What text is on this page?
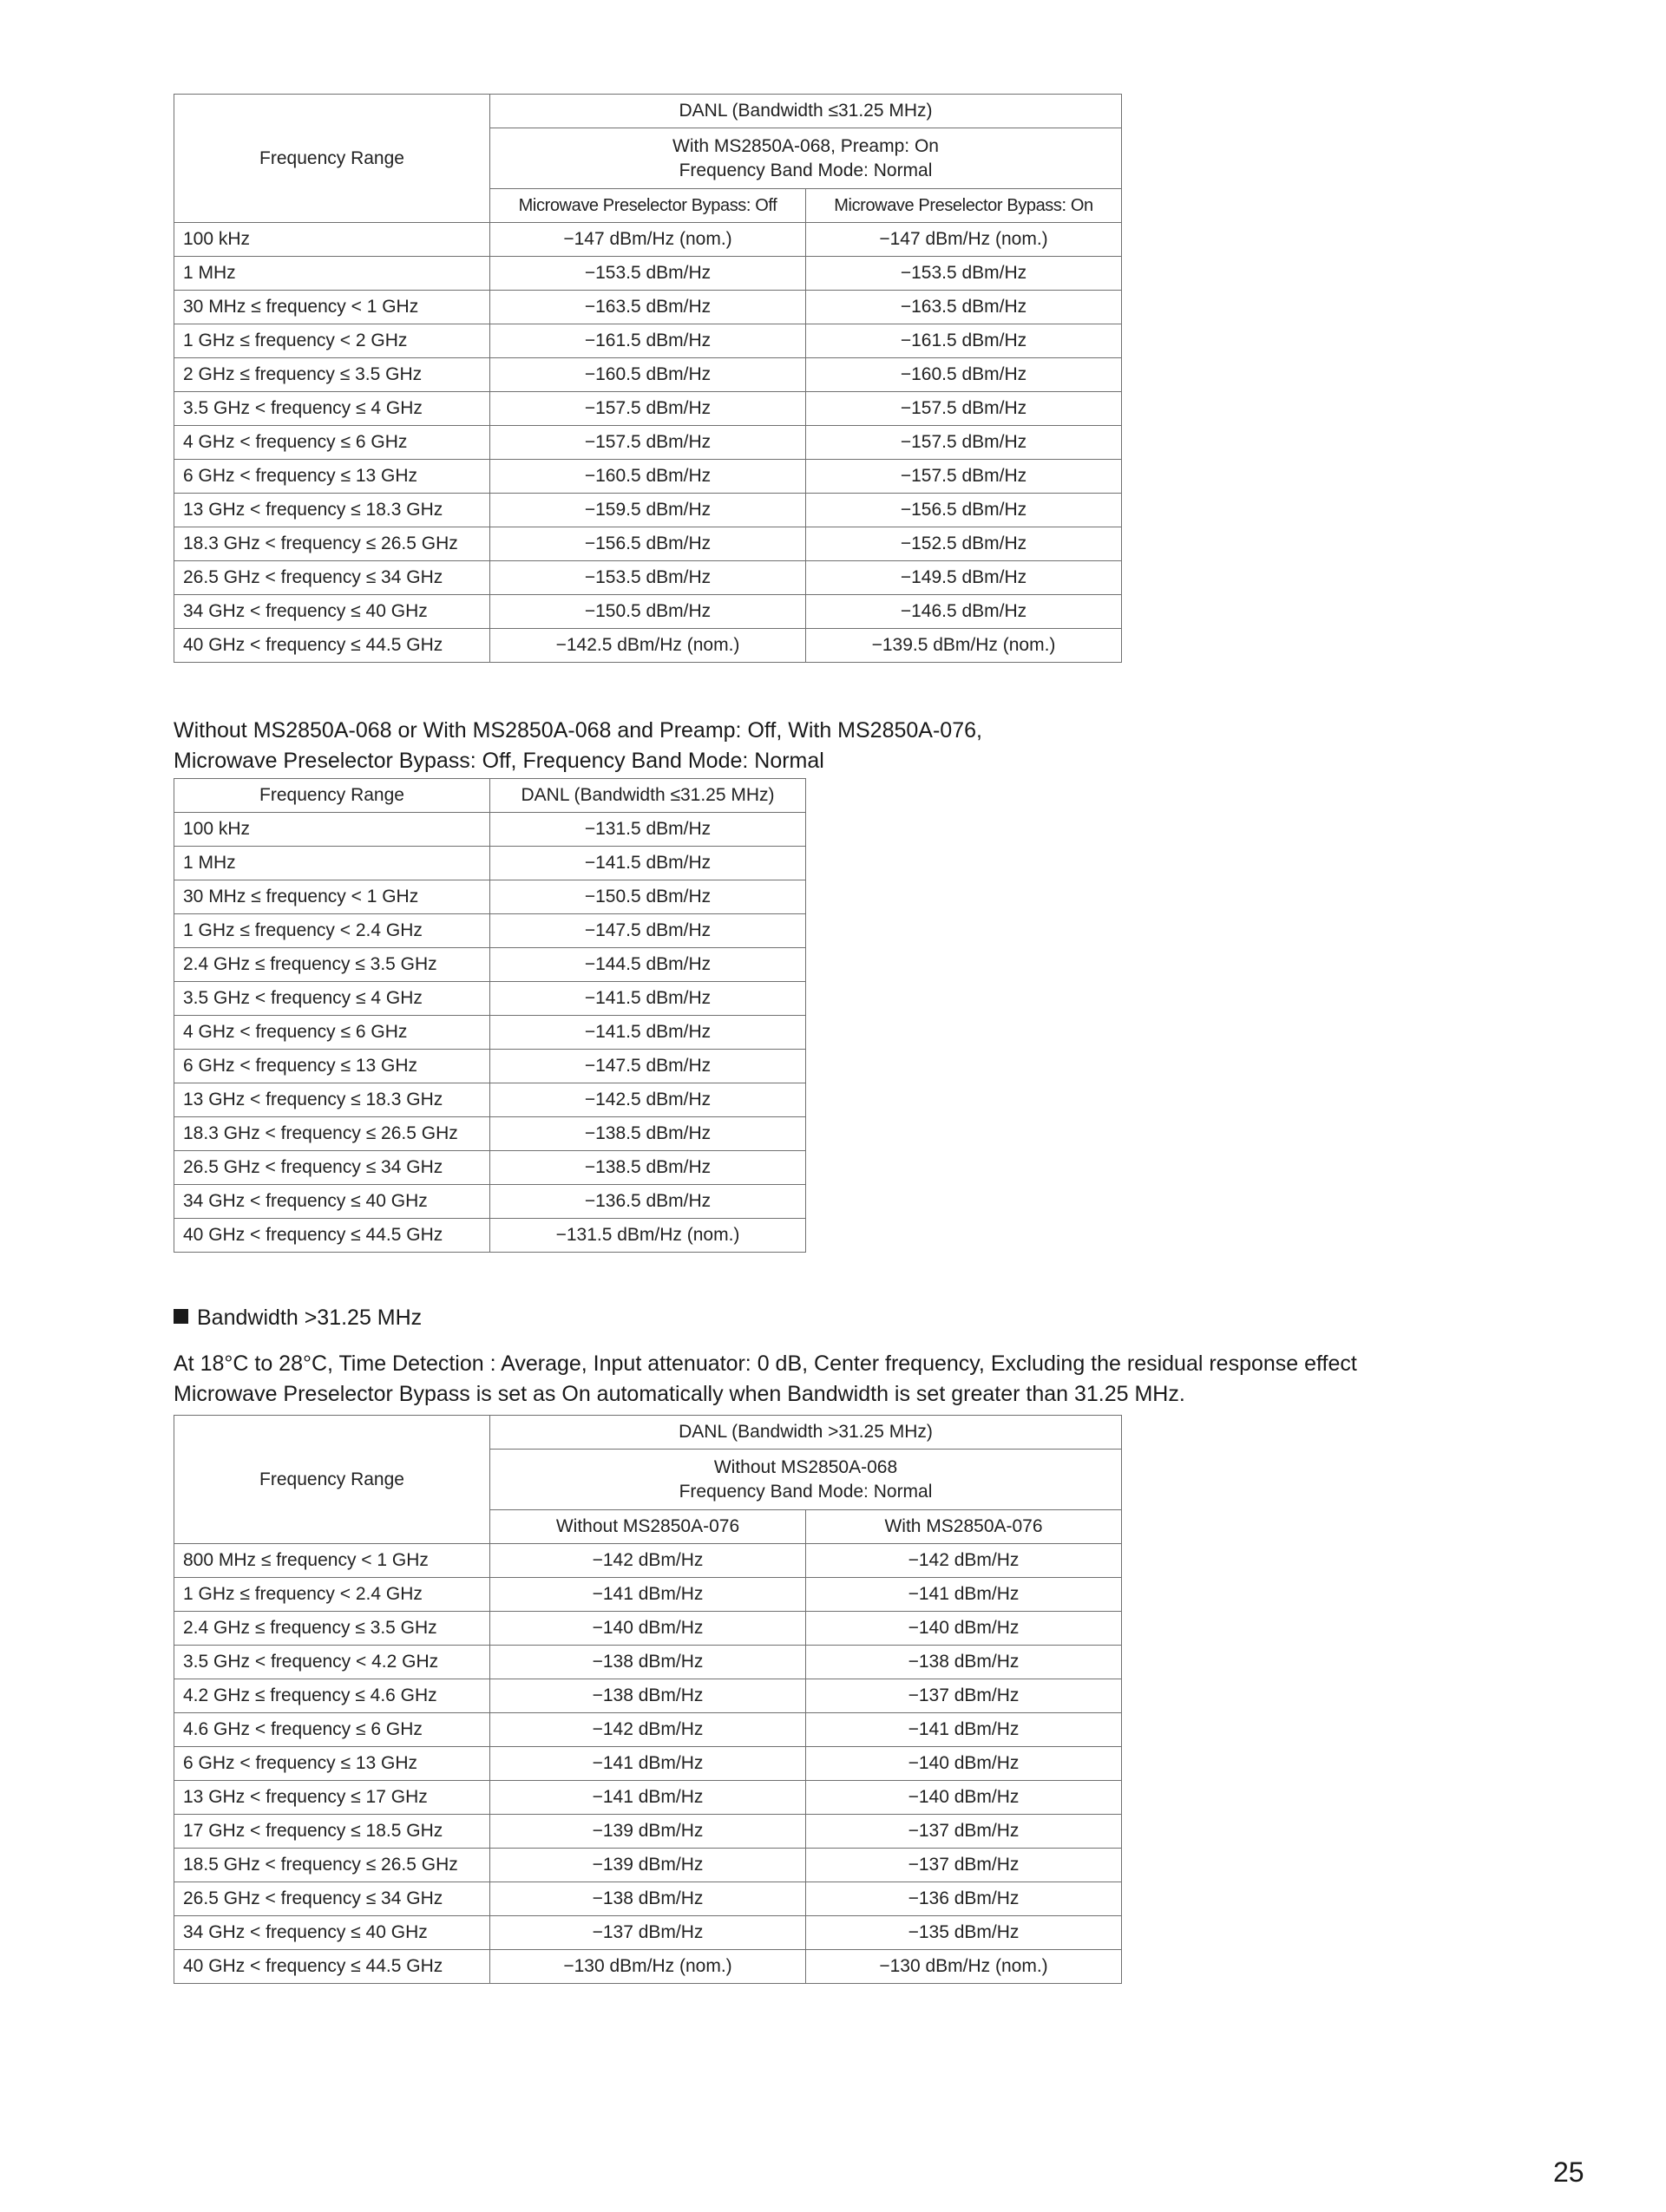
Frequency Range	DANL (Bandwidth ≤31.25 MHz)	

	With MS2850A-068, Preamp: On
Frequency Band Mode: Normal	

	Microwave Preselector Bypass: Off	Microwave Preselector Bypass: On
100 kHz	−147 dBm/Hz (nom.)	−147 dBm/Hz (nom.)
1 MHz	−153.5 dBm/Hz	−153.5 dBm/Hz
30 MHz ≤ frequency < 1 GHz	−163.5 dBm/Hz	−163.5 dBm/Hz
1 GHz ≤ frequency < 2 GHz	−161.5 dBm/Hz	−161.5 dBm/Hz
2 GHz ≤ frequency ≤ 3.5 GHz	−160.5 dBm/Hz	−160.5 dBm/Hz
3.5 GHz < frequency ≤ 4 GHz	−157.5 dBm/Hz	−157.5 dBm/Hz
4 GHz < frequency ≤ 6 GHz	−157.5 dBm/Hz	−157.5 dBm/Hz
6 GHz < frequency ≤ 13 GHz	−160.5 dBm/Hz	−157.5 dBm/Hz
13 GHz < frequency ≤ 18.3 GHz	−159.5 dBm/Hz	−156.5 dBm/Hz
18.3 GHz < frequency ≤ 26.5 GHz	−156.5 dBm/Hz	−152.5 dBm/Hz
26.5 GHz < frequency ≤ 34 GHz	−153.5 dBm/Hz	−149.5 dBm/Hz
34 GHz < frequency ≤ 40 GHz	−150.5 dBm/Hz	−146.5 dBm/Hz
40 GHz < frequency ≤ 44.5 GHz	−142.5 dBm/Hz (nom.)	−139.5 dBm/Hz (nom.)

Without MS2850A-068 or With MS2850A-068 and Preamp: Off, With MS2850A-076,
Microwave Preselector Bypass: Off, Frequency Band Mode: Normal

Frequency Range	DANL (Bandwidth ≤31.25 MHz)
100 kHz	−131.5 dBm/Hz
1 MHz	−141.5 dBm/Hz
30 MHz ≤ frequency < 1 GHz	−150.5 dBm/Hz
1 GHz ≤ frequency < 2.4 GHz	−147.5 dBm/Hz
2.4 GHz ≤ frequency ≤ 3.5 GHz	−144.5 dBm/Hz
3.5 GHz < frequency ≤ 4 GHz	−141.5 dBm/Hz
4 GHz < frequency ≤ 6 GHz	−141.5 dBm/Hz
6 GHz < frequency ≤ 13 GHz	−147.5 dBm/Hz
13 GHz < frequency ≤ 18.3 GHz	−142.5 dBm/Hz
18.3 GHz < frequency ≤ 26.5 GHz	−138.5 dBm/Hz
26.5 GHz < frequency ≤ 34 GHz	−138.5 dBm/Hz
34 GHz < frequency ≤ 40 GHz	−136.5 dBm/Hz
40 GHz < frequency ≤ 44.5 GHz	−131.5 dBm/Hz (nom.)

Bandwidth >31.25 MHz

At 18°C to 28°C, Time Detection : Average, Input attenuator: 0 dB, Center frequency, Excluding the residual response effect
Microwave Preselector Bypass is set as On automatically when Bandwidth is set greater than 31.25 MHz.

Frequency Range	DANL (Bandwidth >31.25 MHz)	

	Without MS2850A-068
Frequency Band Mode: Normal	

	Without MS2850A-076	With MS2850A-076
800 MHz ≤ frequency < 1 GHz	−142 dBm/Hz	−142 dBm/Hz
1 GHz ≤ frequency < 2.4 GHz	−141 dBm/Hz	−141 dBm/Hz
2.4 GHz ≤ frequency ≤ 3.5 GHz	−140 dBm/Hz	−140 dBm/Hz
3.5 GHz < frequency < 4.2 GHz	−138 dBm/Hz	−138 dBm/Hz
4.2 GHz ≤ frequency ≤ 4.6 GHz	−138 dBm/Hz	−137 dBm/Hz
4.6 GHz < frequency ≤ 6 GHz	−142 dBm/Hz	−141 dBm/Hz
6 GHz < frequency ≤ 13 GHz	−141 dBm/Hz	−140 dBm/Hz
13 GHz < frequency ≤ 17 GHz	−141 dBm/Hz	−140 dBm/Hz
17 GHz < frequency ≤ 18.5 GHz	−139 dBm/Hz	−137 dBm/Hz
18.5 GHz < frequency ≤ 26.5 GHz	−139 dBm/Hz	−137 dBm/Hz
26.5 GHz < frequency ≤ 34 GHz	−138 dBm/Hz	−136 dBm/Hz
34 GHz < frequency ≤ 40 GHz	−137 dBm/Hz	−135 dBm/Hz
40 GHz < frequency ≤ 44.5 GHz	−130 dBm/Hz (nom.)	−130 dBm/Hz (nom.)
25
